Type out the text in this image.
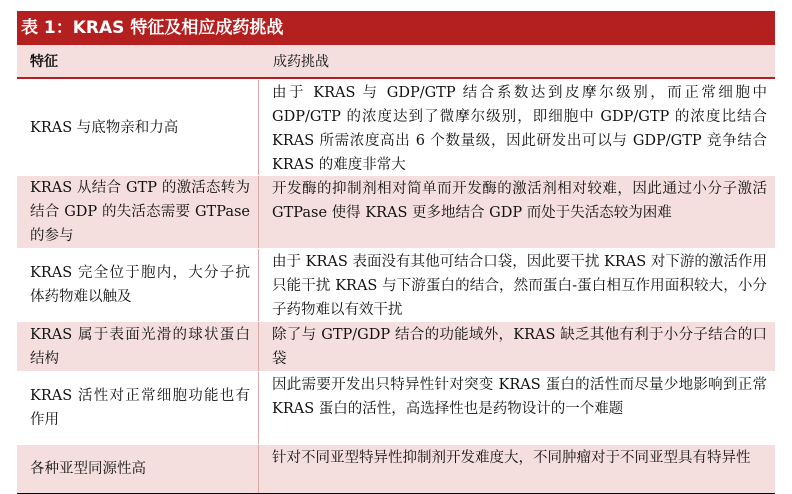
表 1：KRAS 特征及相应成药挑战
特征	成药挑战
KRAS 与底物亲和力高
由于 KRAS 与 GDP/GTP 结合系数达到皮摩尔级别，而正常细胞中 GDP/GTP 的浓度达到了微摩尔级别，即细胞中 GDP/GTP 的浓度比结合 KRAS 所需浓度高出 6 个数量级，因此研发出可以与 GDP/GTP 竞争结合 KRAS 的难度非常大
KRAS 从结合 GTP 的激活态转为结合 GDP 的失活态需要 GTPase 的参与
开发酶的抑制剂相对简单而开发酶的激活剂相对较难，因此通过小分子激活 GTPase 使得 KRAS 更多地结合 GDP 而处于失活态较为困难
KRAS 完全位于胞内，大分子抗体药物难以触及
由于 KRAS 表面没有其他可结合口袋，因此要干扰 KRAS 对下游的激活作用只能干扰 KRAS 与下游蛋白的结合，然而蛋白-蛋白相互作用面积较大，小分子药物难以有效干扰
KRAS 属于表面光滑的球状蛋白结构
除了与 GTP/GDP 结合的功能域外，KRAS 缺乏其他有利于小分子结合的口袋
KRAS 活性对正常细胞功能也有作用
因此需要开发出只特异性针对突变 KRAS 蛋白的活性而尽量少地影响到正常 KRAS 蛋白的活性，高选择性也是药物设计的一个难题
各种亚型同源性高
针对不同亚型特异性抑制剂开发难度大，不同肿瘤对于不同亚型具有特异性
